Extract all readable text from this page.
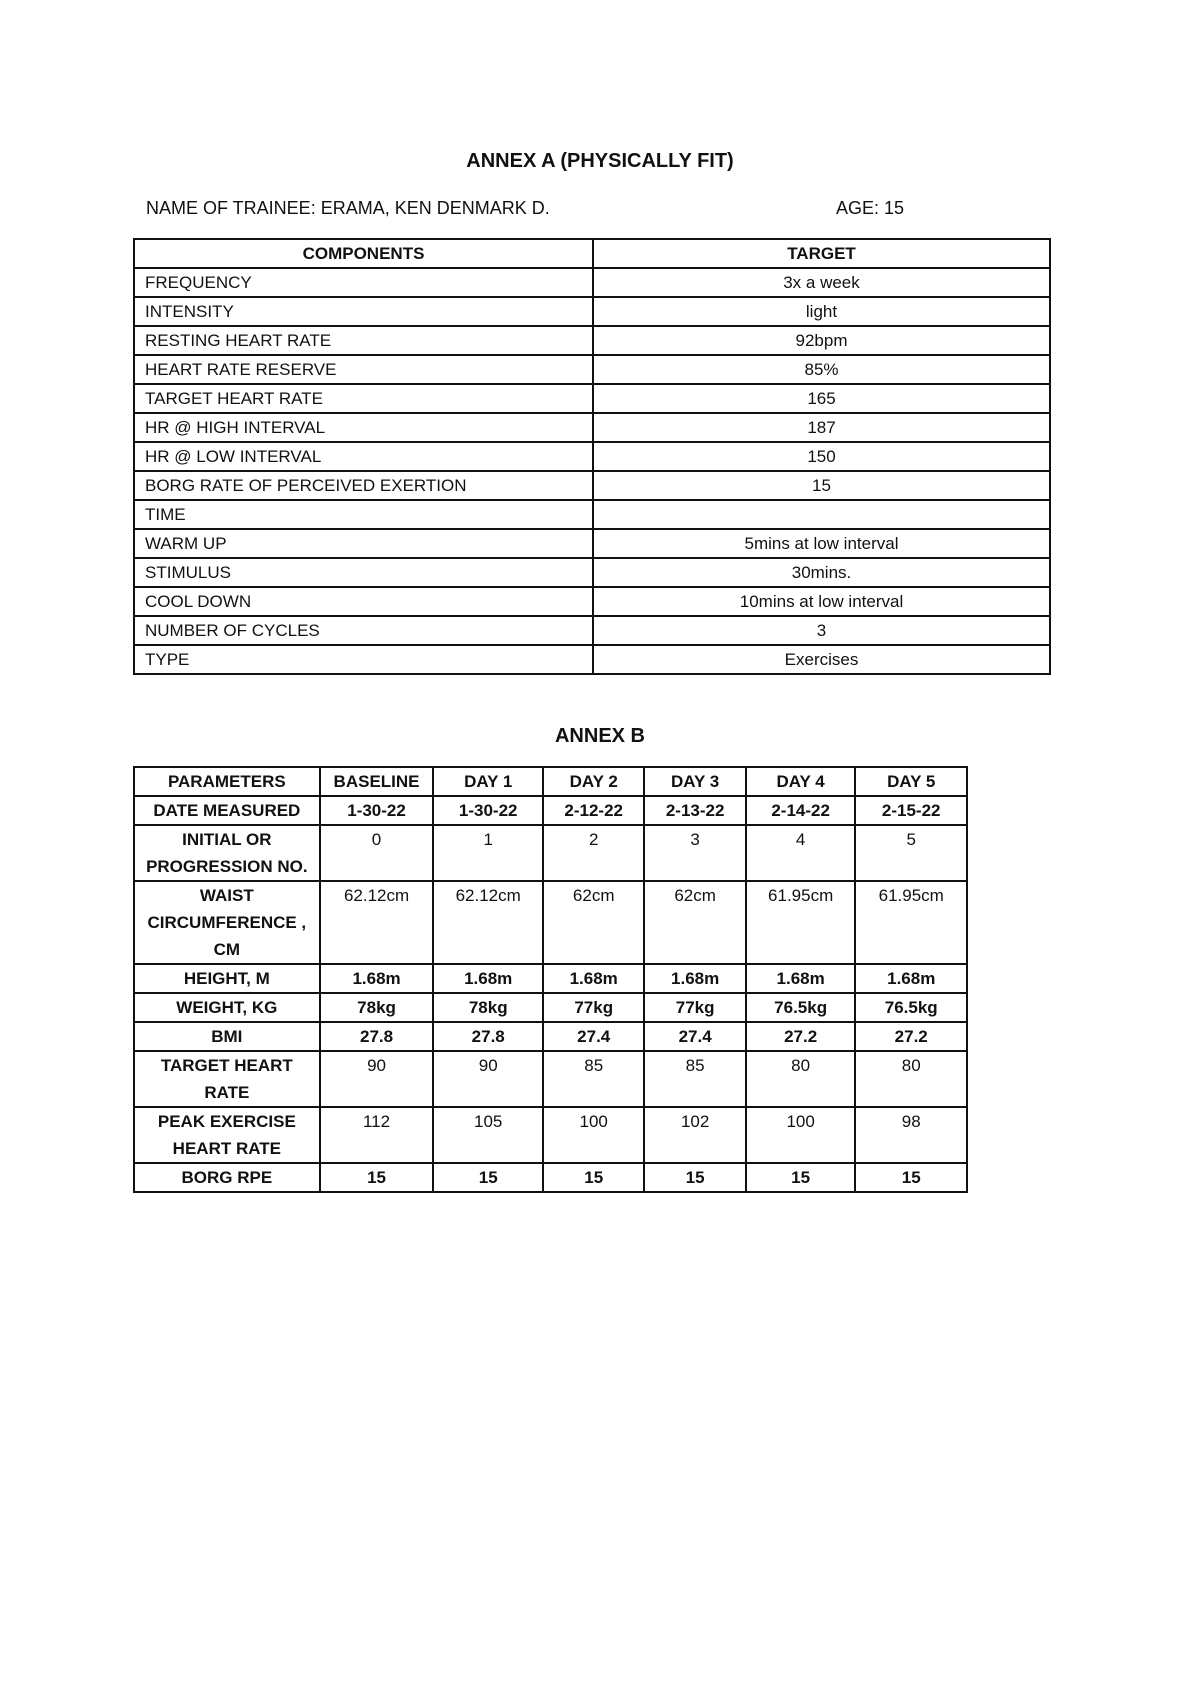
ANNEX A (PHYSICALLY FIT)
NAME OF TRAINEE: ERAMA, KEN DENMARK D.	AGE: 15
COMPONENTS	TARGET
FREQUENCY	3x a week
INTENSITY	light
RESTING HEART RATE	92bpm
HEART RATE RESERVE	85%
TARGET HEART RATE	165
HR @ HIGH INTERVAL	187
HR @ LOW INTERVAL	150
BORG RATE OF PERCEIVED EXERTION	15
TIME	
WARM UP	5mins at low interval
STIMULUS	30mins.
COOL DOWN	10mins at low interval
NUMBER OF CYCLES	3
TYPE	Exercises
ANNEX B
PARAMETERS	BASELINE	DAY 1	DAY 2	DAY 3	DAY 4	DAY 5
DATE MEASURED	1-30-22	1-30-22	2-12-22	2-13-22	2-14-22	2-15-22
INITIAL OR PROGRESSION NO.	0	1	2	3	4	5
WAIST CIRCUMFERENCE , CM	62.12cm	62.12cm	62cm	62cm	61.95cm	61.95cm
HEIGHT, M	1.68m	1.68m	1.68m	1.68m	1.68m	1.68m
WEIGHT, KG	78kg	78kg	77kg	77kg	76.5kg	76.5kg
BMI	27.8	27.8	27.4	27.4	27.2	27.2
TARGET HEART RATE	90	90	85	85	80	80
PEAK EXERCISE HEART RATE	112	105	100	102	100	98
BORG RPE	15	15	15	15	15	15
